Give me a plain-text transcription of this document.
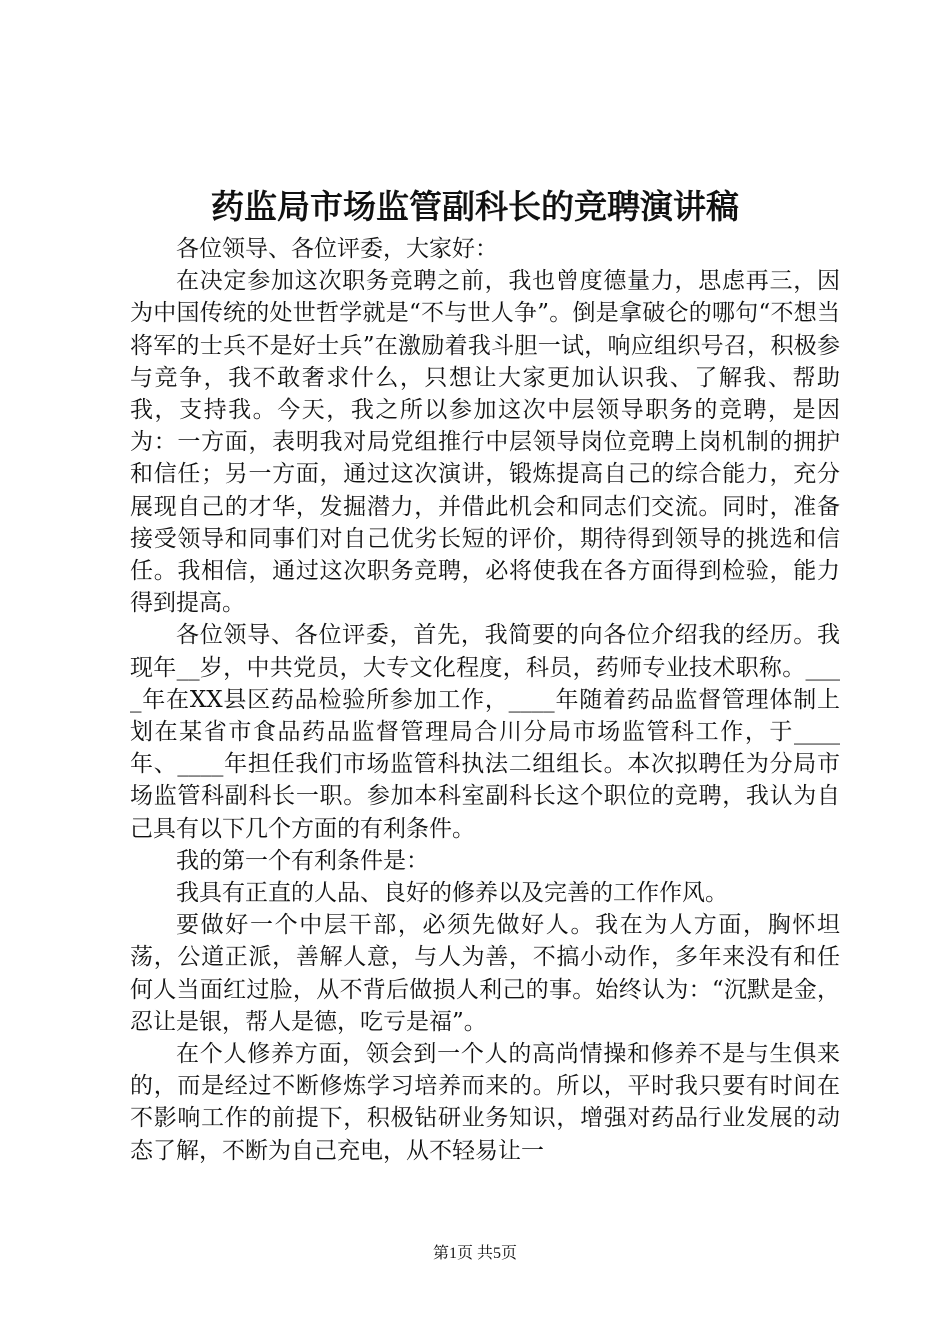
药监局市场监管副科长的竞聘演讲稿

各位领导、各位评委，大家好：

在决定参加这次职务竞聘之前，我也曾度德量力，思虑再三，因为中国传统的处世哲学就是“不与世人争”。倒是拿破仑的哪句“不想当将军的士兵不是好士兵”在激励着我斗胆一试，响应组织号召，积极参与竞争，我不敢奢求什么，只想让大家更加认识我、了解我、帮助我，支持我。今天，我之所以参加这次中层领导职务的竞聘，是因为：一方面，表明我对局党组推行中层领导岗位竞聘上岗机制的拥护和信任；另一方面，通过这次演讲，锻炼提高自己的综合能力，充分展现自己的才华，发掘潜力，并借此机会和同志们交流。同时，准备接受领导和同事们对自己优劣长短的评价，期待得到领导的挑选和信任。我相信，通过这次职务竞聘，必将使我在各方面得到检验，能力得到提高。

各位领导、各位评委，首先，我简要的向各位介绍我的经历。我现年__岁，中共党员，大专文化程度，科员，药师专业技术职称。____年在XX县区药品检验所参加工作，____年随着药品监督管理体制上划在某省市食品药品监督管理局合川分局市场监管科工作，于____年、____年担任我们市场监管科执法二组组长。本次拟聘任为分局市场监管科副科长一职。参加本科室副科长这个职位的竞聘，我认为自己具有以下几个方面的有利条件。

我的第一个有利条件是：

我具有正直的人品、良好的修养以及完善的工作作风。

要做好一个中层干部，必须先做好人。我在为人方面，胸怀坦荡，公道正派，善解人意，与人为善，不搞小动作，多年来没有和任何人当面红过脸，从不背后做损人利己的事。始终认为：“沉默是金，忍让是银，帮人是德，吃亏是福”。

在个人修养方面，领会到一个人的高尚情操和修养不是与生俱来的，而是经过不断修炼学习培养而来的。所以，平时我只要有时间在不影响工作的前提下，积极钻研业务知识，增强对药品行业发展的动态了解，不断为自己充电，从不轻易让一

第1页 共5页
